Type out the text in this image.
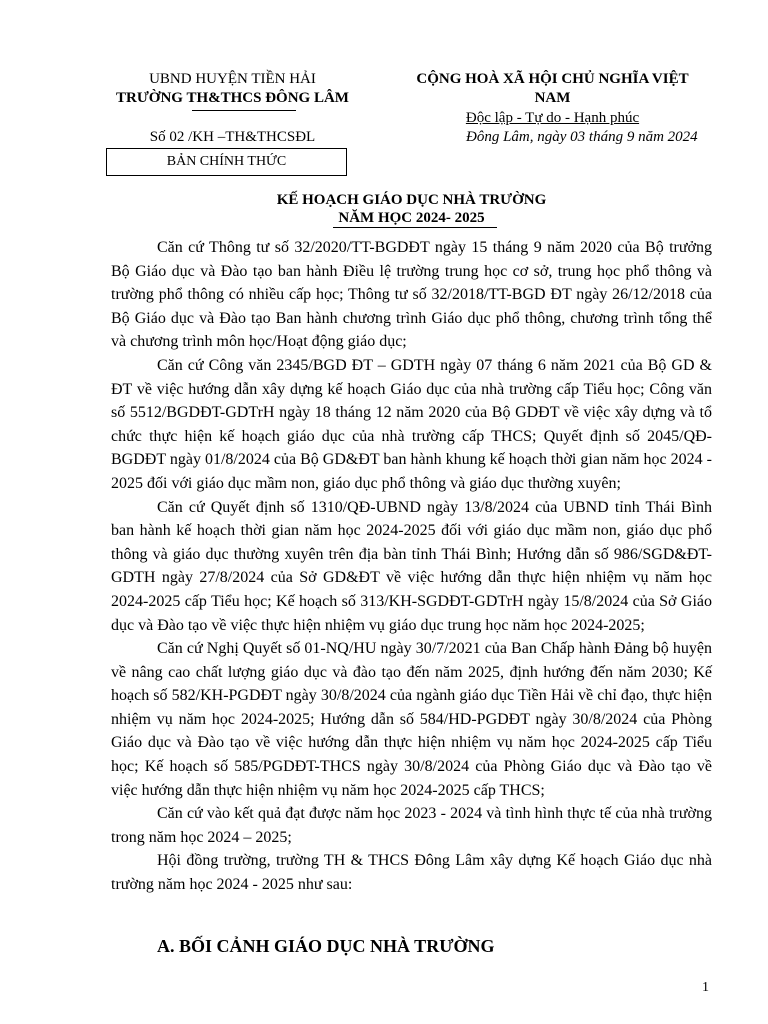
UBND HUYỆN TIỀN HẢI
TRƯỜNG TH&THCS ĐÔNG LÂM
Số 02 /KH –TH&THCSĐL
BẢN CHÍNH THỨC
CỘNG HOÀ XÃ HỘI CHỦ NGHĨA VIỆT
NAM
Độc lập - Tự do - Hạnh phúc
Đông Lâm, ngày 03 tháng 9 năm 2024
KẾ HOẠCH GIÁO DỤC NHÀ TRƯỜNG
NĂM HỌC 2024- 2025

Căn cứ Thông tư số 32/2020/TT-BGDĐT ngày 15 tháng 9 năm 2020 của Bộ trưởng Bộ Giáo dục và Đào tạo ban hành Điều lệ trường trung học cơ sở, trung học phổ thông và trường phổ thông có nhiều cấp học; Thông tư số 32/2018/TT-BGD ĐT ngày 26/12/2018 của Bộ Giáo dục và Đào tạo Ban hành chương trình Giáo dục phổ thông, chương trình tổng thể và chương trình môn học/Hoạt động giáo dục;

Căn cứ Công văn 2345/BGD ĐT – GDTH ngày 07 tháng 6 năm 2021 của Bộ GD & ĐT về việc hướng dẫn xây dựng kế hoạch Giáo dục của nhà trường cấp Tiểu học; Công văn số 5512/BGDĐT-GDTrH ngày 18 tháng 12 năm 2020 của Bộ GDĐT về việc xây dựng và tổ chức thực hiện kế hoạch giáo dục của nhà trường cấp THCS; Quyết định số 2045/QĐ-BGDĐT ngày 01/8/2024 của Bộ GD&ĐT ban hành khung kế hoạch thời gian năm học 2024 - 2025 đối với giáo dục mầm non, giáo dục phổ thông và giáo dục thường xuyên;

Căn cứ Quyết định số 1310/QĐ-UBND ngày 13/8/2024 của UBND tỉnh Thái Bình ban hành kế hoạch thời gian năm học 2024-2025 đối với giáo dục mầm non, giáo dục phổ thông và giáo dục thường xuyên trên địa bàn tỉnh Thái Bình; Hướng dẫn số 986/SGD&ĐT-GDTH ngày 27/8/2024 của Sở GD&ĐT về việc hướng dẫn thực hiện nhiệm vụ năm học 2024-2025 cấp Tiểu học; Kế hoạch số 313/KH-SGDĐT-GDTrH ngày 15/8/2024 của Sở Giáo dục và Đào tạo về việc thực hiện nhiệm vụ giáo dục trung học năm học 2024-2025;

Căn cứ Nghị Quyết số 01-NQ/HU ngày 30/7/2021 của Ban Chấp hành Đảng bộ huyện về nâng cao chất lượng giáo dục và đào tạo đến năm 2025, định hướng đến năm 2030; Kế hoạch số 582/KH-PGDĐT ngày 30/8/2024 của ngành giáo dục Tiền Hải về chỉ đạo, thực hiện nhiệm vụ năm học 2024-2025; Hướng dẫn số 584/HD-PGDĐT ngày 30/8/2024 của Phòng Giáo dục và Đào tạo về việc hướng dẫn thực hiện nhiệm vụ năm học 2024-2025 cấp Tiểu học; Kế hoạch số 585/PGDĐT-THCS ngày 30/8/2024 của Phòng Giáo dục và Đào tạo về việc hướng dẫn thực hiện nhiệm vụ năm học 2024-2025 cấp THCS;

Căn cứ vào kết quả đạt được năm học 2023 - 2024 và tình hình thực tế của nhà trường trong năm học 2024 – 2025;

Hội đồng trường, trường TH & THCS Đông Lâm xây dựng Kế hoạch Giáo dục nhà trường năm học 2024 - 2025 như sau:

A. BỐI CẢNH GIÁO DỤC NHÀ TRƯỜNG
1
